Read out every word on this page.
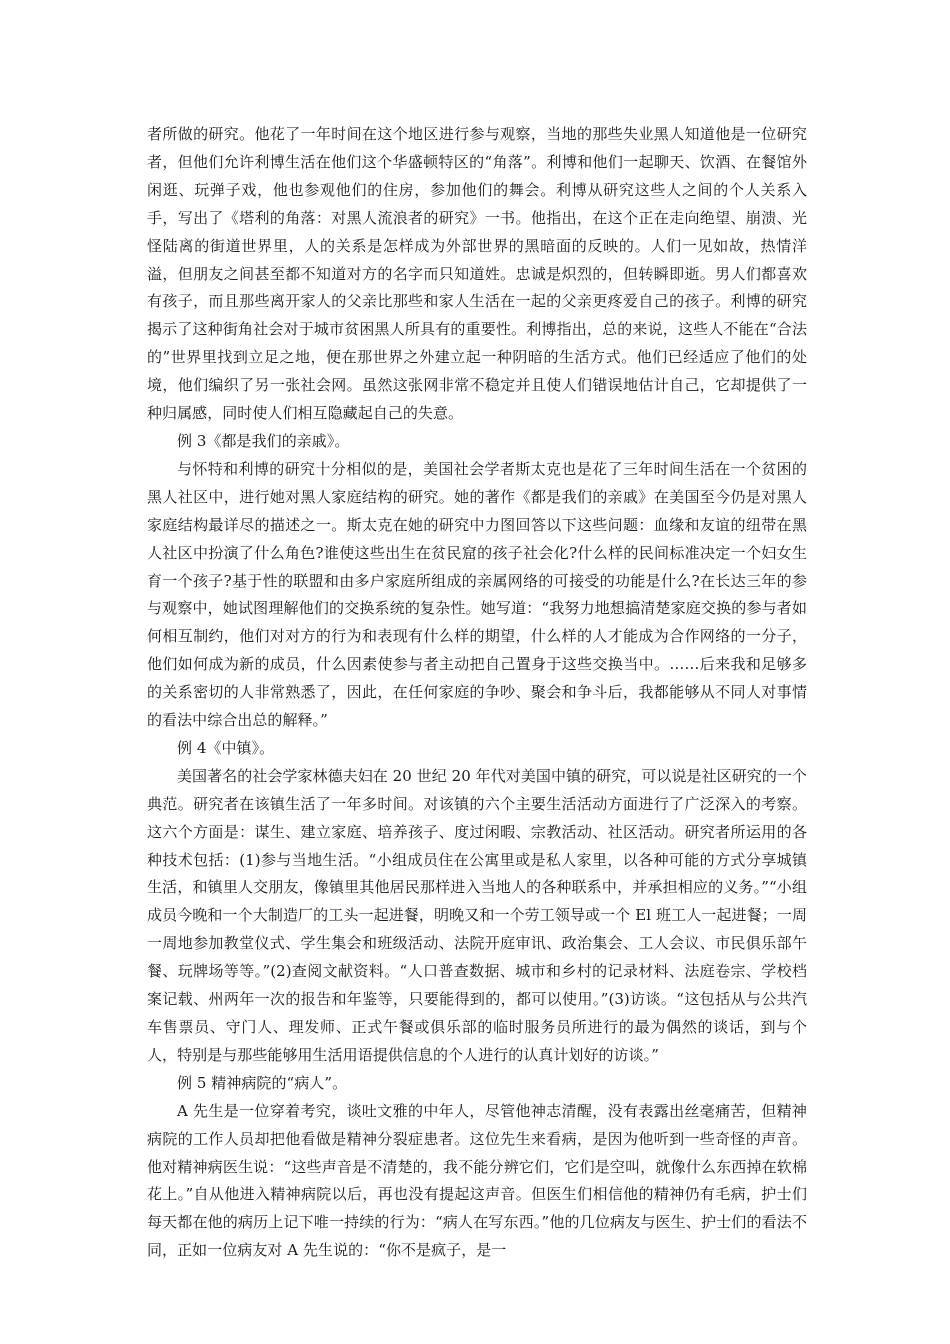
者所做的研究。他花了一年时间在这个地区进行参与观察，当地的那些失业黑人知道他是一位研究者，但他们允许利博生活在他们这个华盛顿特区的“角落”。利博和他们一起聊天、饮酒、在餐馆外闲逛、玩弹子戏，他也参观他们的住房，参加他们的舞会。利博从研究这些人之间的个人关系入手，写出了《塔利的角落：对黑人流浪者的研究》一书。他指出，在这个正在走向绝望、崩溃、光怪陆离的街道世界里，人的关系是怎样成为外部世界的黑暗面的反映的。人们一见如故，热情洋溢，但朋友之间甚至都不知道对方的名字而只知道姓。忠诚是炽烈的，但转瞬即逝。男人们都喜欢有孩子，而且那些离开家人的父亲比那些和家人生活在一起的父亲更疼爱自己的孩子。利博的研究揭示了这种街角社会对于城市贫困黑人所具有的重要性。利博指出，总的来说，这些人不能在“合法的”世界里找到立足之地，便在那世界之外建立起一种阴暗的生活方式。他们已经适应了他们的处境，他们编织了另一张社会网。虽然这张网非常不稳定并且使人们错误地估计自己，它却提供了一　种归属感，同时使人们相互隐藏起自己的失意。

例 3《都是我们的亲戚》。

与怀特和利博的研究十分相似的是，美国社会学者斯太克也是花了三年时间生活在一个贫困的黑人社区中，进行她对黑人家庭结构的研究。她的著作《都是我们的亲戚》在美国至今仍是对黑人家庭结构最详尽的描述之一。斯太克在她的研究中力图回答以下这些问题：血缘和友谊的纽带在黑人社区中扮演了什么角色?谁使这些出生在贫民窟的孩子社会化?什么样的民间标准决定一个妇女生育一个孩子?基于性的联盟和由多户家庭所组成的亲属网络的可接受的功能是什么?在长达三年的参与观察中，她试图理解他们的交换系统的复杂性。她写道：“我努力地想搞清楚家庭交换的参与者如何相互制约，他们对对方的行为和表现有什么样的期望，什么样的人才能成为合作网络的一分子，他们如何成为新的成员，什么因素使参与者主动把自己置身于这些交换当中。……后来我和足够多的关系密切的人非常熟悉了，因此，在任何家庭的争吵、聚会和争斗后，我都能够从不同人对事情的看法中综合出总的解释。”

例 4《中镇》。

美国著名的社会学家林德夫妇在 20 世纪 20 年代对美国中镇的研究，可以说是社区研究的一个典范。研究者在该镇生活了一年多时间。对该镇的六个主要生活活动方面进行了广泛深入的考察。这六个方面是：谋生、建立家庭、培养孩子、度过闲暇、宗教活动、社区活动。研究者所运用的各种技术包括：(1)参与当地生活。“小组成员住在公寓里或是私人家里，以各种可能的方式分享城镇生活，和镇里人交朋友，像镇里其他居民那样进入当地人的各种联系中，并承担相应的义务。”“小组成员今晚和一个大制造厂的工头一起进餐，明晚又和一个劳工领导或一个 El 班工人一起进餐；一周一周地参加教堂仪式、学生集会和班级活动、法院开庭审讯、政治集会、工人会议、市民俱乐部午餐、玩牌场等等。”(2)查阅文献资料。“人口普查数据、城市和乡村的记录材料、法庭卷宗、学校档案记载、州两年一次的报告和年鉴等，只要能得到的，都可以使用。”(3)访谈。“这包括从与公共汽车售票员、守门人、理发师、正式午餐或俱乐部的临时服务员所进行的最为偶然的谈话，到与个人，特别是与那些能够用生活用语提供信息的个人进行的认真计划好的访谈。”

例 5 精神病院的“病人”。

A 先生是一位穿着考究，谈吐文雅的中年人，尽管他神志清醒，没有表露出丝毫痛苦，但精神病院的工作人员却把他看做是精神分裂症患者。这位先生来看病，是因为他听到一些奇怪的声音。他对精神病医生说：“这些声音是不清楚的，我不能分辨它们，它们是空叫，就像什么东西掉在软棉花上。”自从他进入精神病院以后，再也没有提起这声音。但医生们相信他的精神仍有毛病，护士们每天都在他的病历上记下唯一持续的行为：“病人在写东西。”他的几位病友与医生、护士们的看法不同，正如一位病友对 A 先生说的：“你不是疯子，是一
